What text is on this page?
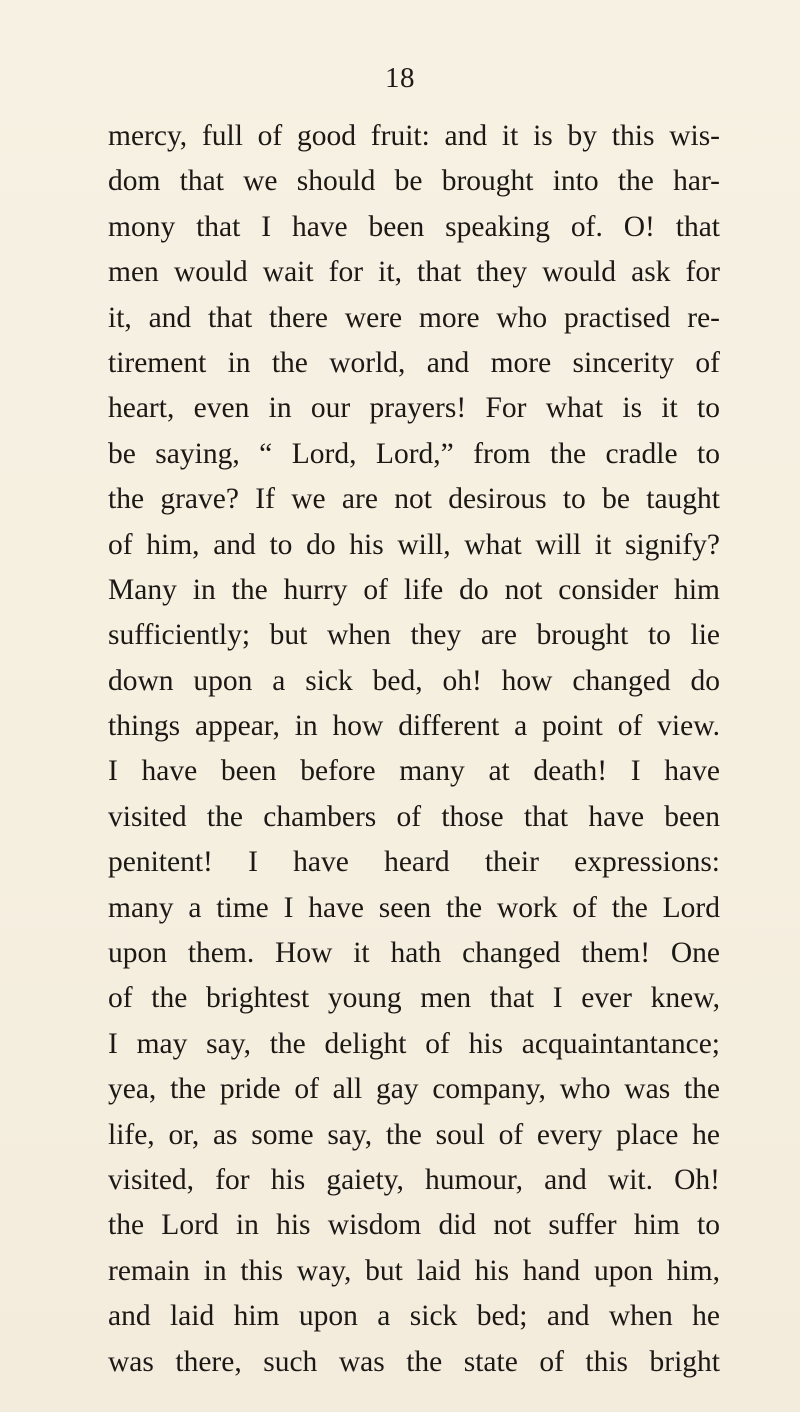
18
mercy, full of good fruit: and it is by this wis-
dom that we should be brought into the har-
mony that I have been speaking of. O! that
men would wait for it, that they would ask for
it, and that there were more who practised re-
tirement in the world, and more sincerity of
heart, even in our prayers! For what is it to
be saying, “ Lord, Lord,” from the cradle to
the grave? If we are not desirous to be taught
of him, and to do his will, what will it signify?
Many in the hurry of life do not consider him
sufficiently; but when they are brought to lie
down upon a sick bed, oh! how changed do
things appear, in how different a point of view.
I have been before many at death! I have
visited the chambers of those that have been
penitent! I have heard their expressions:
many a time I have seen the work of the Lord
upon them. How it hath changed them! One
of the brightest young men that I ever knew,
I may say, the delight of his acquaintantance;
yea, the pride of all gay company, who was the
life, or, as some say, the soul of every place he
visited, for his gaiety, humour, and wit. Oh!
the Lord in his wisdom did not suffer him to
remain in this way, but laid his hand upon him,
and laid him upon a sick bed; and when he
was there, such was the state of this bright
